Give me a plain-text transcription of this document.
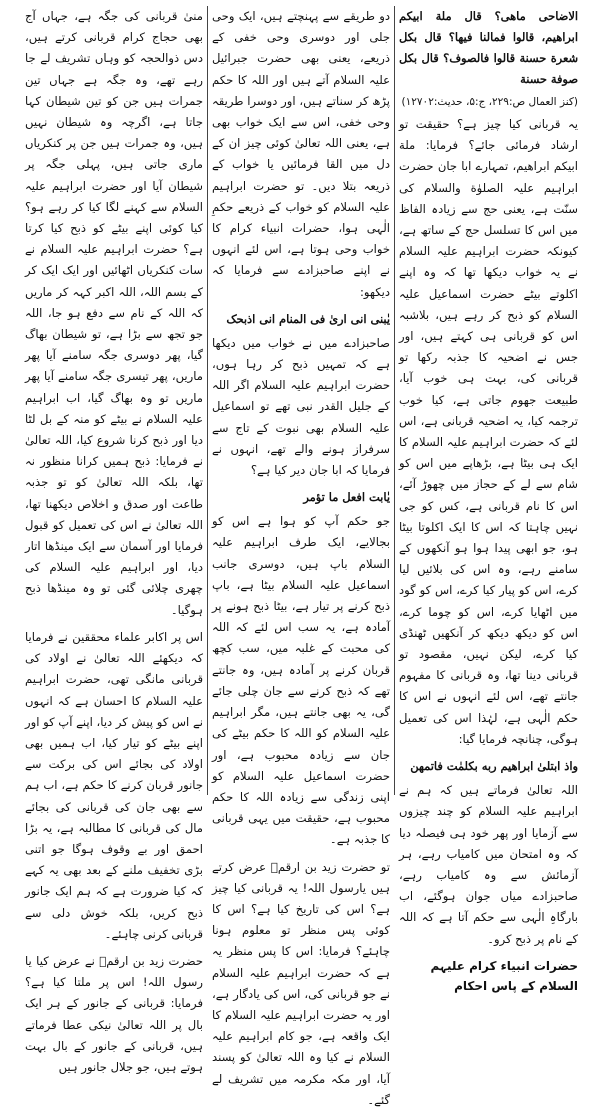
الاضاحی ماهی؟ قال ملة ابیکم ابراهیم، قالوا فمالنا فیها؟ قال بکل شعرة حسنة قالوا فالصوف؟ قال بکل صوفة حسنة

(کنز العمال ص:۲۲۹، ج:۵، حدیث:۱۲۷۰۲)

یہ قربانی کیا چیز ہے؟ حقیقت تو ارشاد فرمائی جائے؟ فرمایا: ملة ابیکم ابراهیم، تمہارے ابا جان حضرت ابراہیم علیہ الصلوٰة والسلام کی سنّت ہے، یعنی حج سے زیادہ الفاظ میں اس کا تسلسل حج کے ساتھ ہے، کیونکہ حضرت ابراہیم علیہ السلام نے یہ خواب دیکھا تھا کہ وہ اپنے اکلوتے بیٹے حضرت اسماعیل علیہ السلام کو ذبح کر رہے ہیں، بلاشبہ اس کو قربانی ہی کہتے ہیں، اور جس نے اضحیہ کا جذبہ رکھا تو قربانی کی، بہت ہی خوب آیا، طبیعت جھوم جاتی ہے، کیا خوب ترجمہ کیا، یہ اضحیہ قربانی ہے، اس لئے کہ حضرت ابراہیم علیہ السلام کا ایک ہی بیٹا ہے، بڑھاپے میں اس کو شام سے لے کے حجاز میں چھوڑ آئے، اس کا نام قربانی ہے، کس کو جی نہیں چاہتا کہ اس کا ایک اکلوتا بیٹا ہو، جو ابھی پیدا ہوا ہو آنکھوں کے سامنے رہے، وہ اس کی بلائیں لیا کرے، اس کو پیار کیا کرے، اس کو گود میں اٹھایا کرے، اس کو چوما کرے، اس کو دیکھ دیکھ کر آنکھیں ٹھنڈی کیا کرے، لیکن نہیں، مقصود تو قربانی دینا تھا، وہ قربانی کا مفہوم جانتے تھے، اس لئے انہوں نے اس کا حکم الٰہی ہے، لہٰذا اس کی تعمیل ہوگی، چنانچہ فرمایا گیا:

واذ ابتلیٰ ابراهیم ربه بکلمٰت فاتمهن

اللہ تعالیٰ فرماتے ہیں کہ ہم نے ابراہیم علیہ السلام کو چند چیزوں سے آزمایا اور پھر خود ہی فیصلہ دیا کہ وہ امتحان میں کامیاب رہے، ہر آزمائش سے وہ کامیاب رہے، صاحبزادے میاں جوان ہوگئے، اب بارگاہِ الٰہی سے حکم آتا ہے کہ اللہ کے نام پر ذبح کرو۔

حضرات انبیاء کرام علیہم السلام کے پاس احکام

دو طریقے سے پہنچتے ہیں، ایک وحی جلی اور دوسری وحی خفی کے ذریعے، یعنی بھی حضرت جبرائیل علیہ السلام آتے ہیں اور اللہ کا حکم پڑھ کر سناتے ہیں، اور دوسرا طریقہ وحی خفی، اس سے ایک خواب بھی ہے، یعنی اللہ تعالیٰ کوئی چیز ان کے دل میں القا فرمائیں یا خواب کے ذریعہ بتلا دیں۔ تو حضرت ابراہیم علیہ السلام کو خواب کے ذریعے حکمِ الٰہی ہوا، حضرات انبیاء کرام کا خواب وحی ہوتا ہے، اس لئے انہوں نے اپنے صاحبزادے سے فرمایا کہ دیکھو:

یٰبنی انی اریٰ فی المنام انی اذبحک

صاحبزادے میں نے خواب میں دیکھا ہے کہ تمہیں ذبح کر رہا ہوں، حضرت ابراہیم علیہ السلام اگر اللہ کے جلیل القدر نبی تھے تو اسماعیل علیہ السلام بھی نبوت کے تاج سے سرفراز ہونے والے تھے، انہوں نے فرمایا کہ ابا جان دیر کیا ہے؟

یٰابت افعل ما تؤمر

جو حکم آپ کو ہوا ہے اس کو بجالایے، ایک طرف ابراہیم علیہ السلام باپ ہیں، دوسری جانب اسماعیل علیہ السلام بیٹا ہے، باپ ذبح کرنے پر تیار ہے، بیٹا ذبح ہونے پر آمادہ ہے، یہ سب اس لئے کہ اللہ کی محبت کے غلبہ میں، سب کچھ قربان کرنے پر آمادہ ہیں، وہ جانتے تھے کہ ذبح کرنے سے جان چلی جائے گی، یہ بھی جانتے ہیں، مگر ابراہیم علیہ السلام کو اللہ کا حکم بیٹے کی جان سے زیادہ محبوب ہے، اور حضرت اسماعیل علیہ السلام کو اپنی زندگی سے زیادہ اللہ کا حکم محبوب ہے، حقیقت میں یہی قربانی کا جذبہ ہے۔

تو حضرت زید بن ارقمؓ عرض کرتے ہیں یارسول اللہ! یہ قربانی کیا چیز ہے؟ اس کی تاریخ کیا ہے؟ اس کا کوئی پس منظر تو معلوم ہونا چاہئے؟ فرمایا: اس کا پس منظر یہ ہے کہ حضرت ابراہیم علیہ السلام نے جو قربانی کی، اس کی یادگار ہے، اور یہ حضرت ابراہیم علیہ السلام کا ایک واقعہ ہے، جو کام ابراہیم علیہ السلام نے کیا وہ اللہ تعالیٰ کو پسند آیا، اور مکہ مکرمہ میں تشریف لے گئے۔

منیٰ قربانی کی جگہ ہے، جہاں آج بھی حجاج کرام قربانی کرتے ہیں، دس ذوالحجہ کو وہاں تشریف لے جا رہے تھے، وہ جگہ ہے جہاں تین جمرات ہیں جن کو تین شیطان کہا جاتا ہے، اگرچہ وہ شیطان نہیں ہیں، وہ جمرات ہیں جن پر کنکریاں ماری جاتی ہیں، پہلی جگہ پر شیطان آیا اور حضرت ابراہیم علیہ السلام سے کہنے لگا کیا کر رہے ہو؟ کیا کوئی اپنے بیٹے کو ذبح کیا کرتا ہے؟ حضرت ابراہیم علیہ السلام نے سات کنکریاں اٹھائیں اور ایک ایک کر کے بسم اللہ، اللہ اکبر کہہ کر ماریں کہ اللہ کے نام سے دفع ہو جا، اللہ جو تجھ سے بڑا ہے، تو شیطان بھاگ گیا، پھر دوسری جگہ سامنے آیا پھر ماریں، پھر تیسری جگہ سامنے آیا پھر ماریں تو وہ بھاگ گیا، اب ابراہیم علیہ السلام نے بیٹے کو منہ کے بل لٹا دیا اور ذبح کرنا شروع کیا، اللہ تعالیٰ نے فرمایا: ذبح ہمیں کرانا منظور نہ تھا، بلکہ اللہ تعالیٰ کو تو جذبہ طاعت اور صدق و اخلاص دیکھنا تھا، اللہ تعالیٰ نے اس کی تعمیل کو قبول فرمایا اور آسمان سے ایک مینڈھا اتار دیا، اور ابراہیم علیہ السلام کی چھری چلائی گئی تو وہ مینڈھا ذبح ہوگیا۔

اس پر اکابر علماء محققین نے فرمایا کہ دیکھئے اللہ تعالیٰ نے اولاد کی قربانی مانگی تھی، حضرت ابراہیم علیہ السلام کا احسان ہے کہ انہوں نے اس کو پیش کر دیا، اپنے آپ کو اور اپنے بیٹے کو تیار کیا، اب ہمیں بھی اولاد کی بجائے اس کی برکت سے جانور قربان کرنے کا حکم ہے، اب ہم سے بھی جان کی قربانی کی بجائے مال کی قربانی کا مطالبہ ہے، یہ بڑا احمق اور بے وقوف ہوگا جو اتنی بڑی تخفیف ملنے کے بعد بھی یہ کہے کہ کیا ضرورت ہے کہ ہم ایک جانور ذبح کریں، بلکہ خوش دلی سے قربانی کرنی چاہئے۔

حضرت زید بن ارقمؓ نے عرض کیا یا رسول اللہ! اس پر ملتا کیا ہے؟ فرمایا: قربانی کے جانور کے ہر ایک بال پر اللہ تعالیٰ نیکی عطا فرماتے ہیں، قربانی کے جانور کے بال بہت ہوتے ہیں، جو جلال جانور ہیں
